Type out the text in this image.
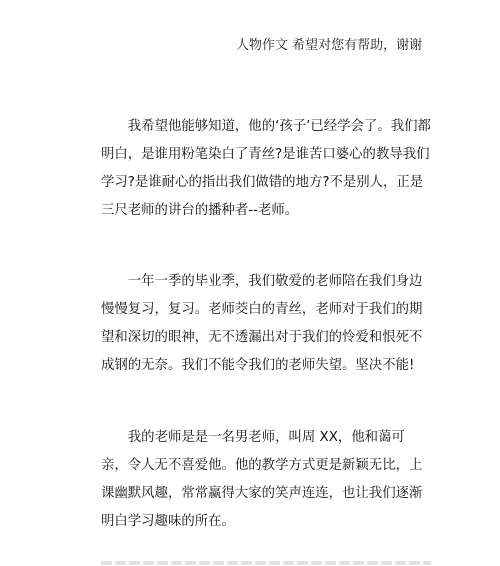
人物作文 希望对您有帮助，谢谢

我希望他能够知道，他的‘孩子’已经学会了。我们都明白，是谁用粉笔染白了青丝?是谁苦口婆心的教导我们学习?是谁耐心的指出我们做错的地方?不是别人，正是三尺老师的讲台的播种者--老师。

一年一季的毕业季，我们敬爱的老师陪在我们身边慢慢复习，复习。老师茭白的青丝，老师对于我们的期望和深切的眼神，无不透漏出对于我们的怜爱和恨死不成钢的无奈。我们不能令我们的老师失望。坚决不能!

我的老师是是一名男老师，叫周 XX，他和蔼可亲，令人无不喜爱他。他的教学方式更是新颖无比，上课幽默风趣，常常赢得大家的笑声连连，也让我们逐渐明白学习趣味的所在。
